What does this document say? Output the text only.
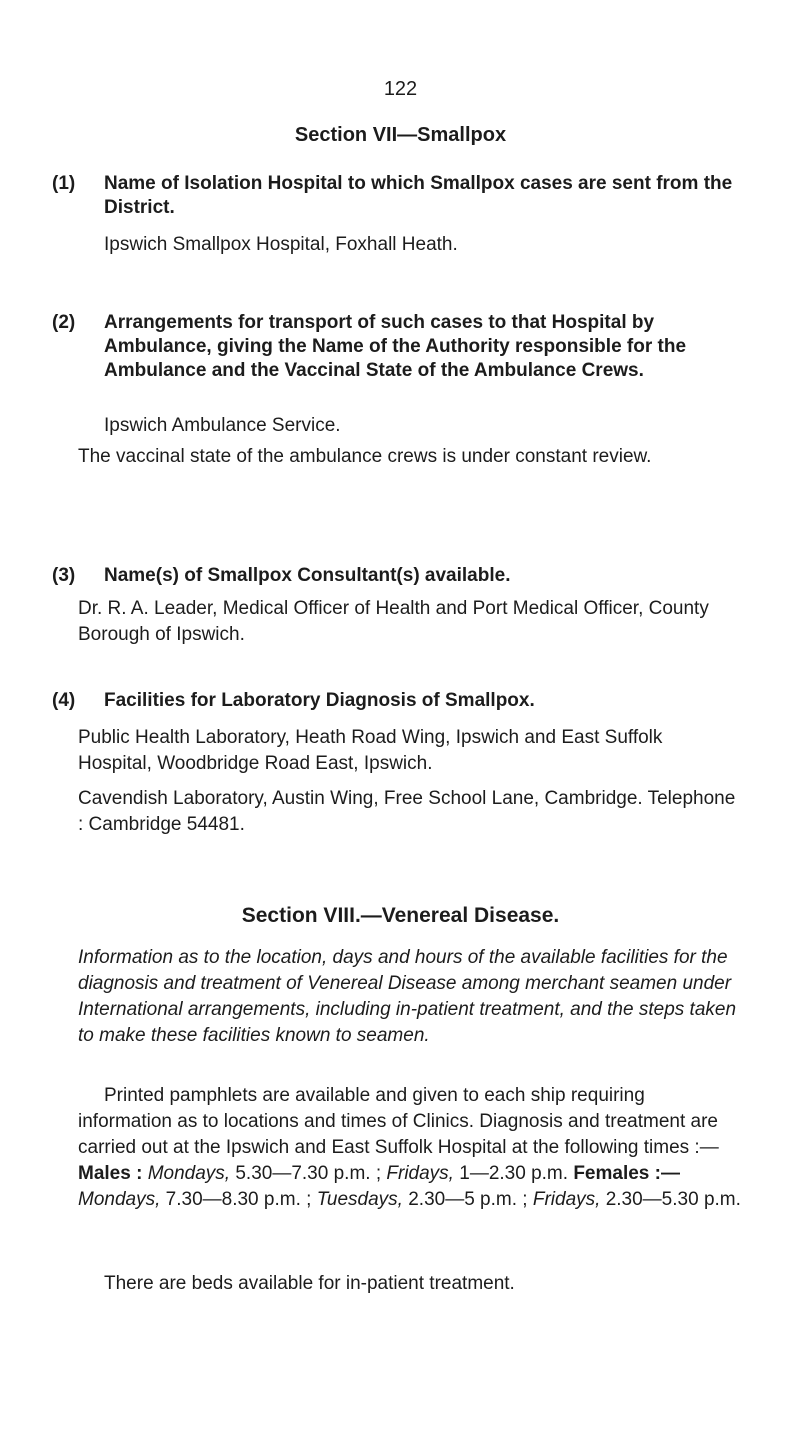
122
Section VII—Smallpox
(1) Name of Isolation Hospital to which Smallpox cases are sent from the District.
Ipswich Smallpox Hospital, Foxhall Heath.
(2) Arrangements for transport of such cases to that Hospital by Ambulance, giving the Name of the Authority responsible for the Ambulance and the Vaccinal State of the Ambulance Crews.
Ipswich Ambulance Service.
The vaccinal state of the ambulance crews is under constant review.
(3) Name(s) of Smallpox Consultant(s) available.
Dr. R. A. Leader, Medical Officer of Health and Port Medical Officer, County Borough of Ipswich.
(4) Facilities for Laboratory Diagnosis of Smallpox.
Public Health Laboratory, Heath Road Wing, Ipswich and East Suffolk Hospital, Woodbridge Road East, Ipswich.
Cavendish Laboratory, Austin Wing, Free School Lane, Cambridge. Telephone : Cambridge 54481.
Section VIII.—Venereal Disease.
Information as to the location, days and hours of the available facilities for the diagnosis and treatment of Venereal Disease among merchant seamen under International arrangements, including in-patient treatment, and the steps taken to make these facilities known to seamen.
Printed pamphlets are available and given to each ship requiring information as to locations and times of Clinics. Diagnosis and treatment are carried out at the Ipswich and East Suffolk Hospital at the following times :—Males : Mondays, 5.30—7.30 p.m. ; Fridays, 1—2.30 p.m. Females :—Mondays, 7.30—8.30 p.m. ; Tuesdays, 2.30—5 p.m. ; Fridays, 2.30—5.30 p.m.
There are beds available for in-patient treatment.
